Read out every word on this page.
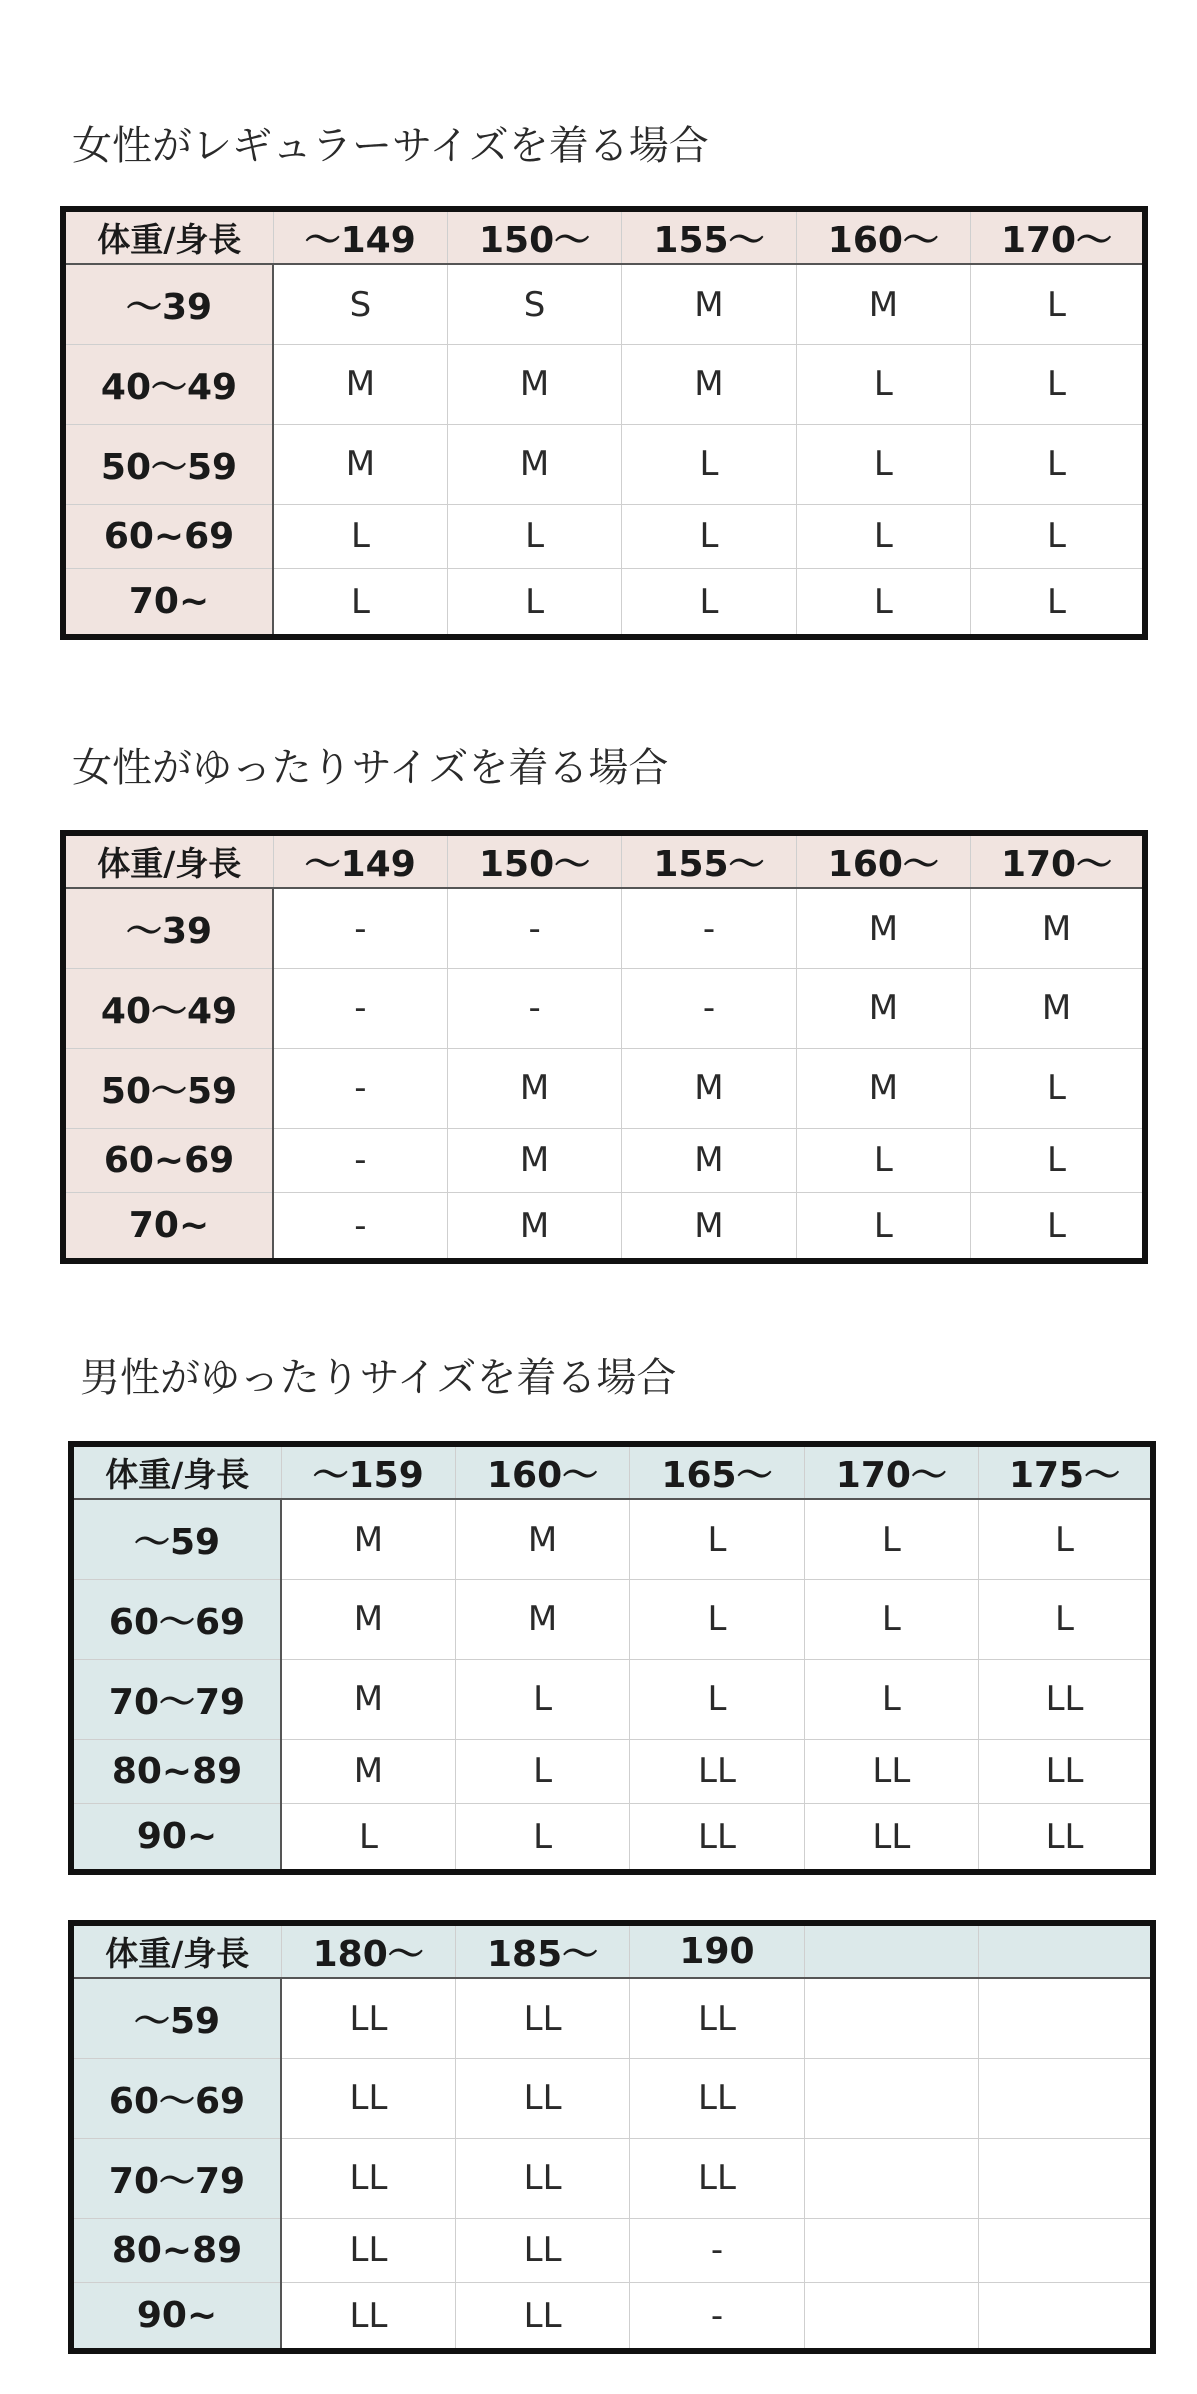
女性がレギュラーサイズを着る場合
体重/身長	〜149	150〜	155〜	160〜	170〜
〜39	S	S	M	M	L
40〜49	M	M	M	L	L
50〜59	M	M	L	L	L
60~69	L	L	L	L	L
70~	L	L	L	L	L
女性がゆったりサイズを着る場合
体重/身長	〜149	150〜	155〜	160〜	170〜
〜39	-	-	-	M	M
40〜49	-	-	-	M	M
50〜59	-	M	M	M	L
60~69	-	M	M	L	L
70~	-	M	M	L	L
男性がゆったりサイズを着る場合
体重/身長	〜159	160〜	165〜	170〜	175〜
〜59	M	M	L	L	L
60〜69	M	M	L	L	L
70〜79	M	L	L	L	LL
80~89	M	L	LL	LL	LL
90~	L	L	LL	LL	LL
体重/身長	180〜	185〜	190		
〜59	LL	LL	LL		
60〜69	LL	LL	LL		
70〜79	LL	LL	LL		
80~89	LL	LL	-		
90~	LL	LL	-		
